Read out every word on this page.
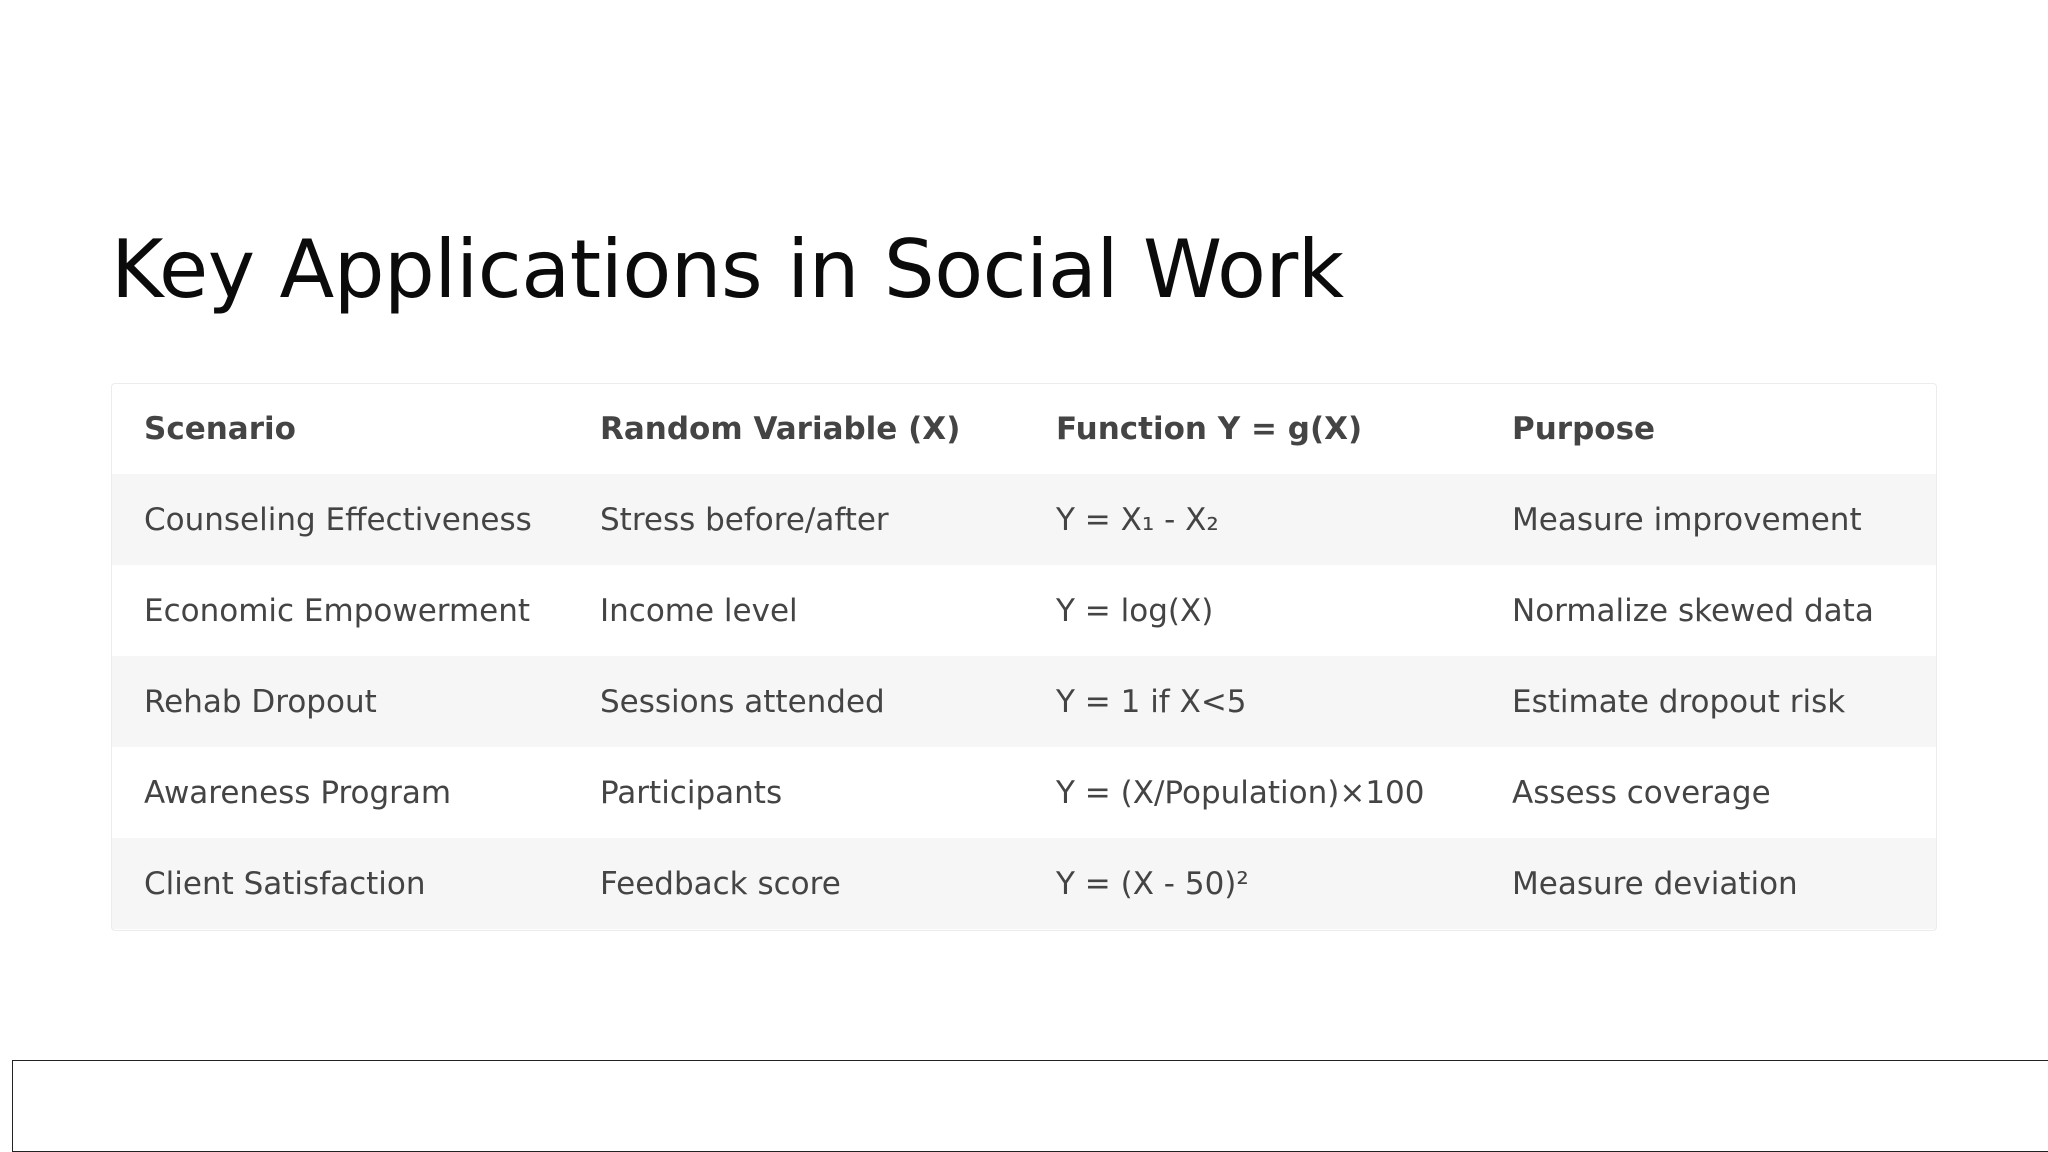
Key Applications in Social Work
Scenario	Random Variable (X)	Function Y = g(X)	Purpose
Counseling Effectiveness	Stress before/after	Y = X₁ - X₂	Measure improvement
Economic Empowerment	Income level	Y = log(X)	Normalize skewed data
Rehab Dropout	Sessions attended	Y = 1 if X<5	Estimate dropout risk
Awareness Program	Participants	Y = (X/Population)×100	Assess coverage
Client Satisfaction	Feedback score	Y = (X - 50)²	Measure deviation
